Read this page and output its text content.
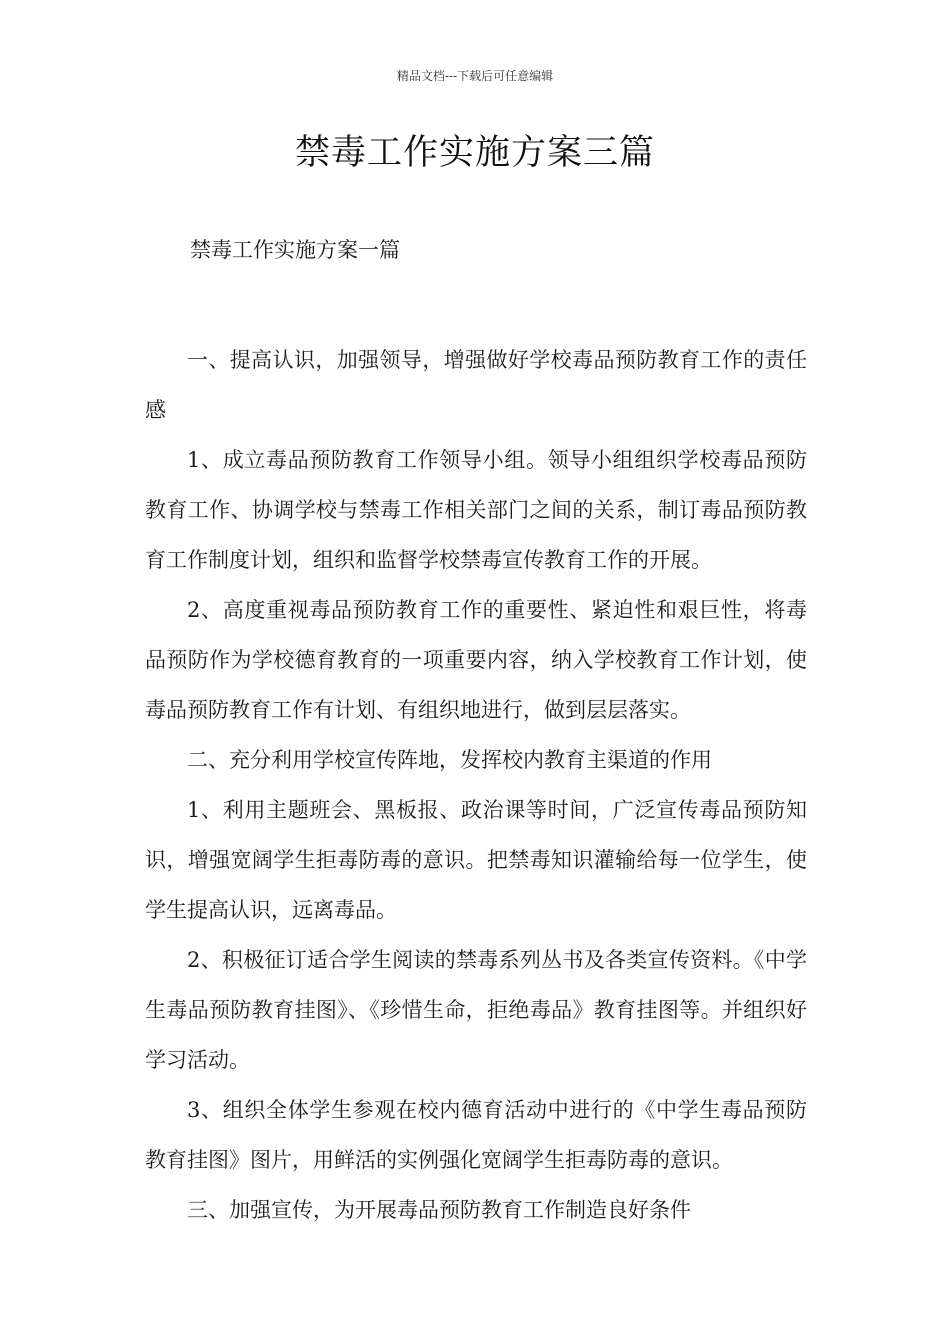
精品文档---下载后可任意编辑
禁毒工作实施方案三篇
禁毒工作实施方案一篇

一、提高认识，加强领导，增强做好学校毒品预防教育工作的责任感

1、成立毒品预防教育工作领导小组。领导小组组织学校毒品预防教育工作、协调学校与禁毒工作相关部门之间的关系，制订毒品预防教育工作制度计划，组织和监督学校禁毒宣传教育工作的开展。

2、高度重视毒品预防教育工作的重要性、紧迫性和艰巨性，将毒品预防作为学校德育教育的一项重要内容，纳入学校教育工作计划，使毒品预防教育工作有计划、有组织地进行，做到层层落实。

二、充分利用学校宣传阵地，发挥校内教育主渠道的作用

1、利用主题班会、黑板报、政治课等时间，广泛宣传毒品预防知识，增强宽阔学生拒毒防毒的意识。把禁毒知识灌输给每一位学生，使学生提高认识，远离毒品。

2、积极征订适合学生阅读的禁毒系列丛书及各类宣传资料。《中学生毒品预防教育挂图》、《珍惜生命，拒绝毒品》教育挂图等。并组织好学习活动。

3、组织全体学生参观在校内德育活动中进行的《中学生毒品预防教育挂图》图片，用鲜活的实例强化宽阔学生拒毒防毒的意识。

三、加强宣传，为开展毒品预防教育工作制造良好条件
